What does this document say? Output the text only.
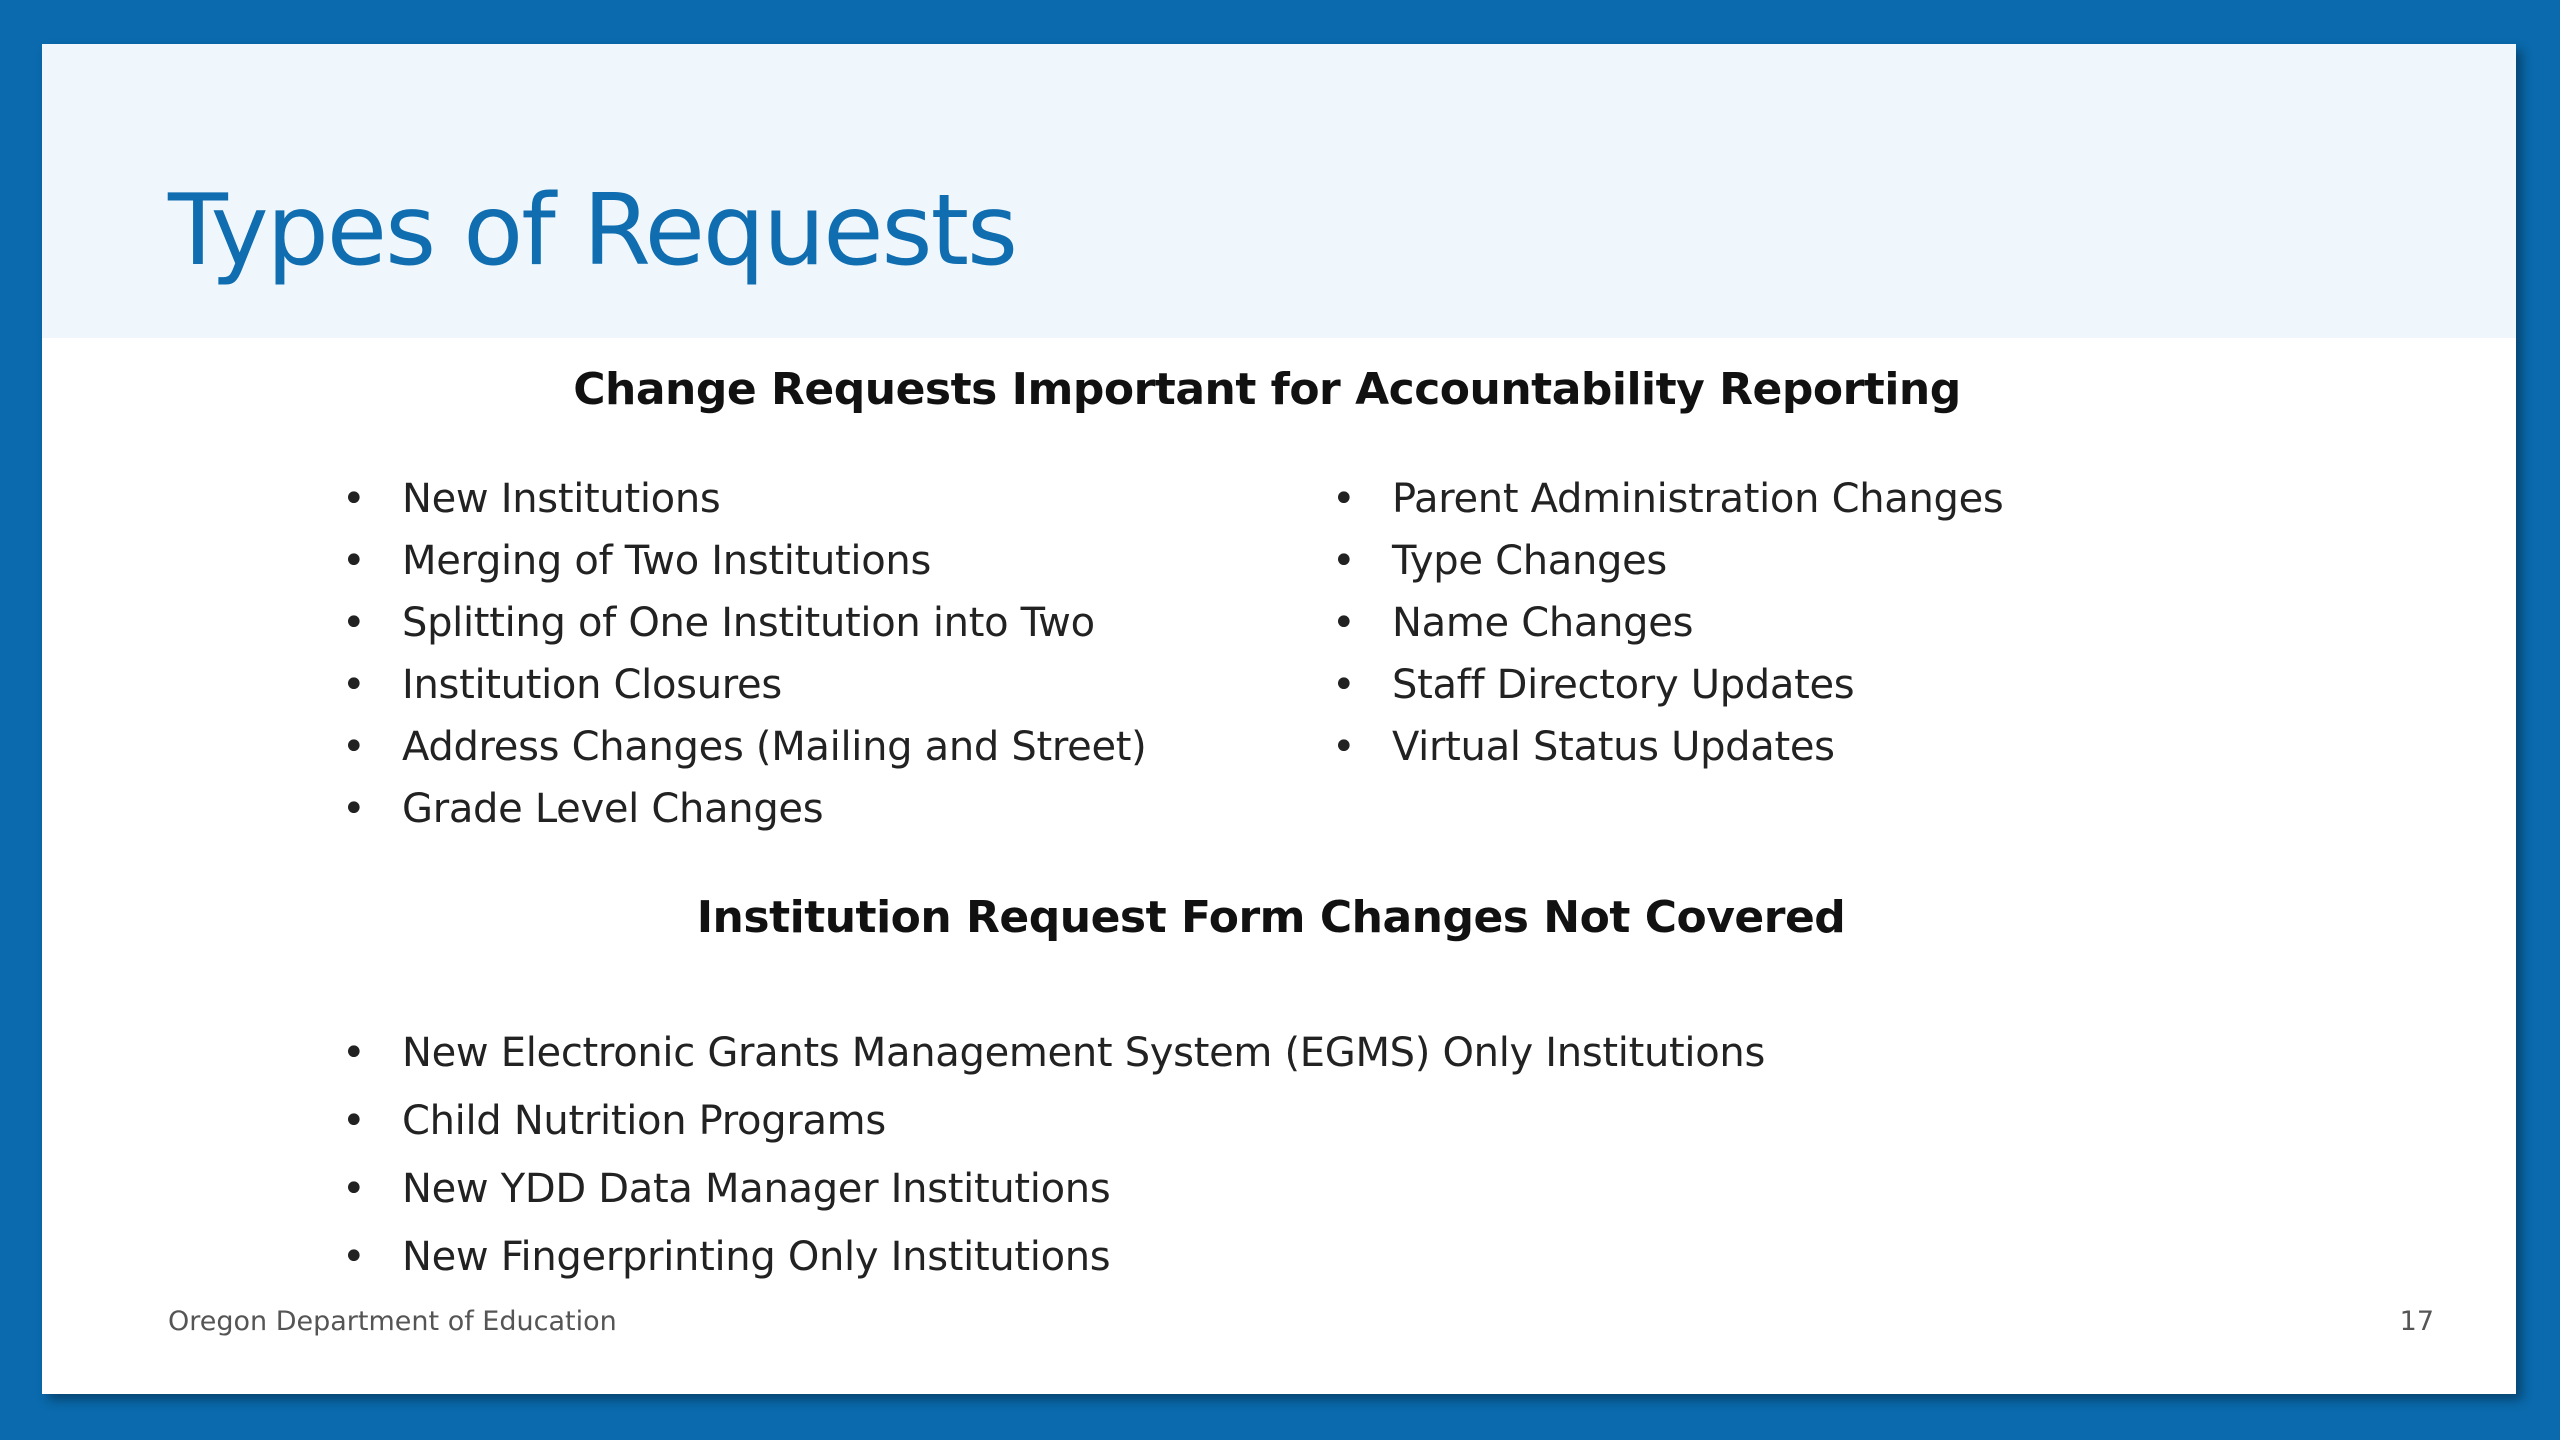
Types of Requests
Change Requests Important for Accountability Reporting
• New Institutions
• Merging of Two Institutions
• Splitting of One Institution into Two
• Institution Closures
• Address Changes (Mailing and Street)
• Grade Level Changes
• Parent Administration Changes
• Type Changes
• Name Changes
• Staff Directory Updates
• Virtual Status Updates
Institution Request Form Changes Not Covered
• New Electronic Grants Management System (EGMS) Only Institutions
• Child Nutrition Programs
• New YDD Data Manager Institutions
• New Fingerprinting Only Institutions
Oregon Department of Education	17
